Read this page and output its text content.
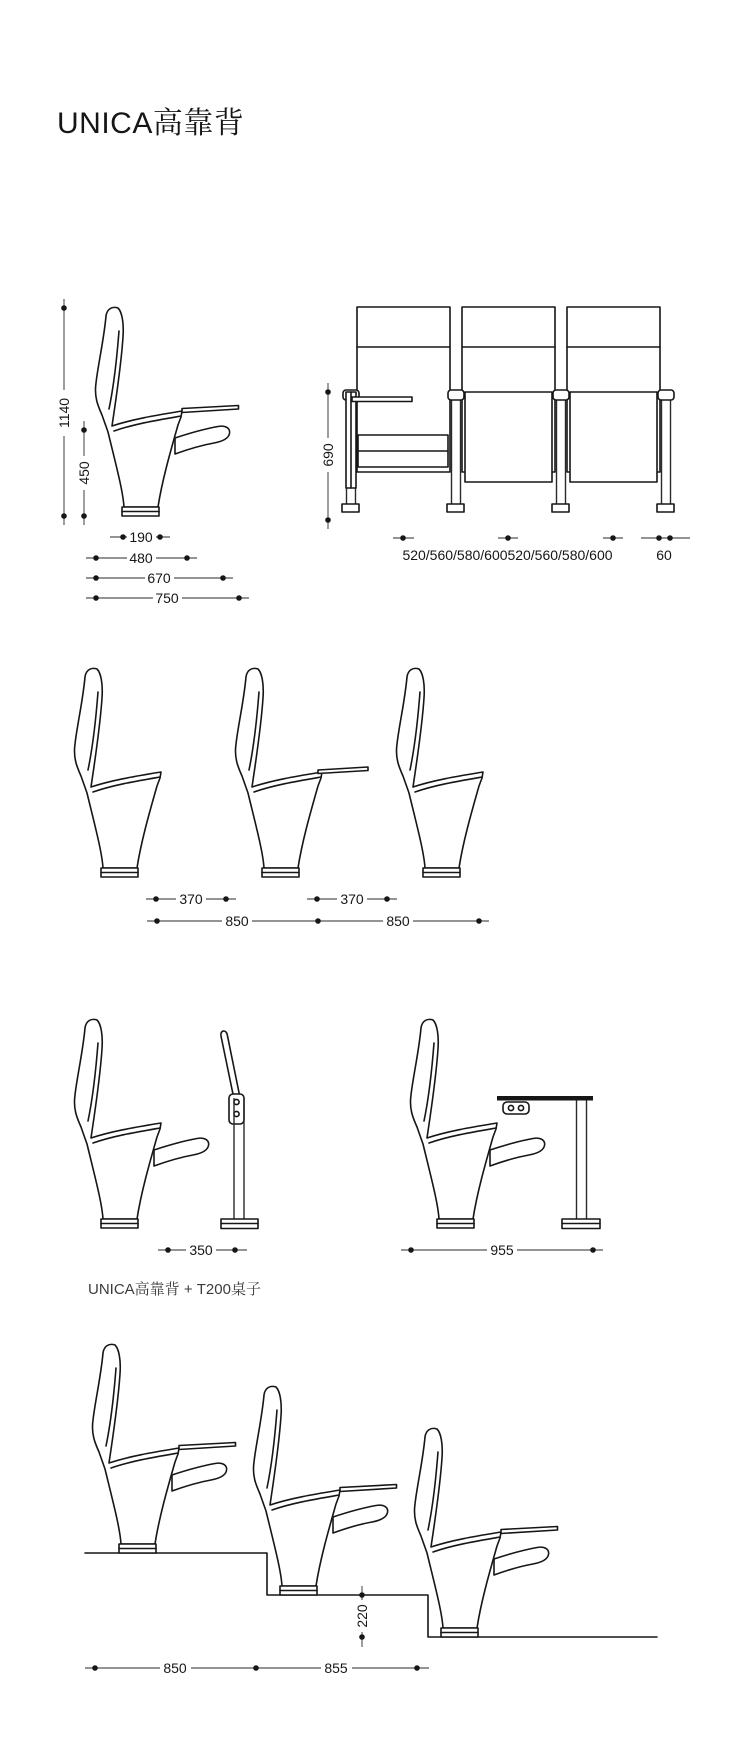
UNICA高靠背
UNICA高靠背 + T200桌子
1140
450
190
480
670
750
690
520/560/580/600 520/560/580/600	60
370	370
850	850
350	955
220
850	855
